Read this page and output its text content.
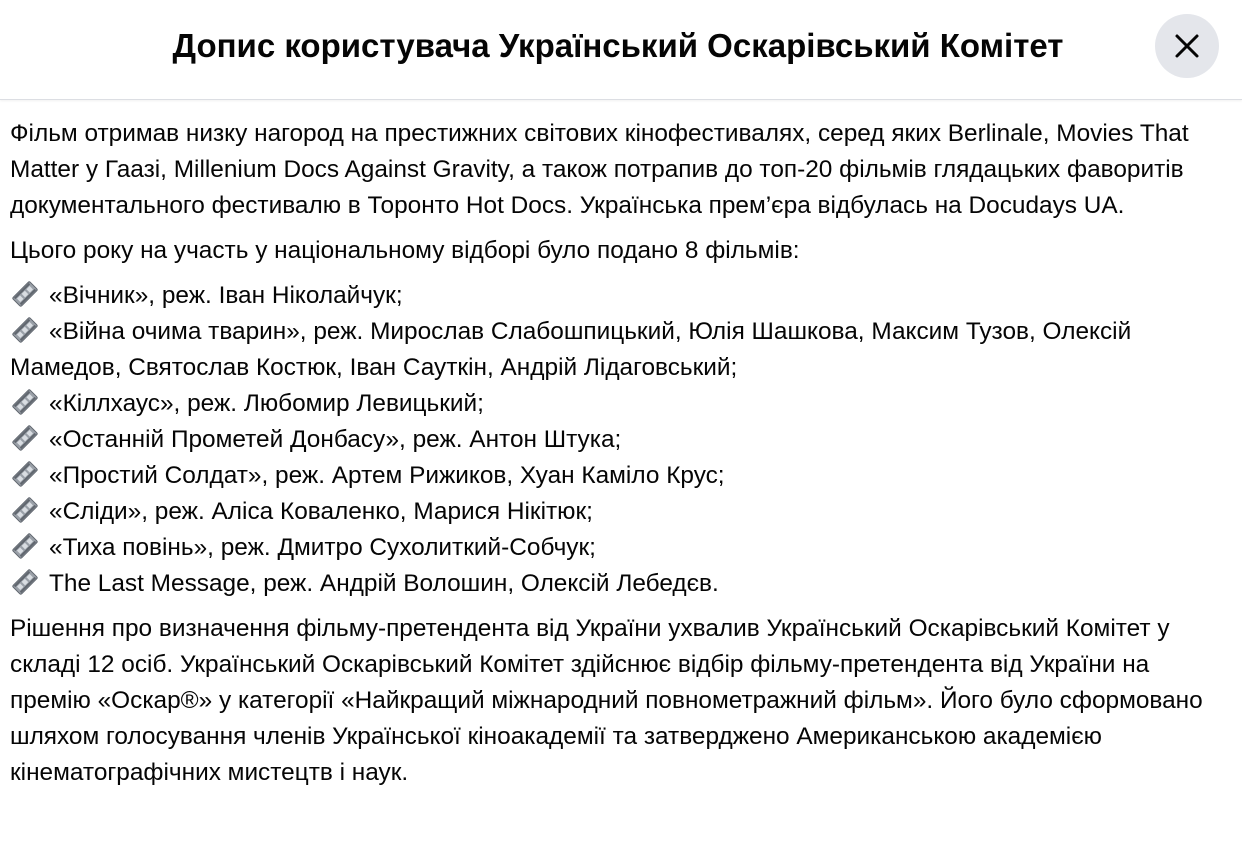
Допис користувача Український Оскарівський Комітет

Фільм отримав низку нагород на престижних світових кінофестивалях, серед яких Berlinale, Movies That Matter у Гаазі, Millenium Docs Against Gravity, а також потрапив до топ-20 фільмів глядацьких фаворитів документального фестивалю в Торонто Hot Docs. Українська прем’єра відбулась на Docudays UA.

Цього року на участь у національному відборі було подано 8 фільмів:

«Вічник», реж. Іван Ніколайчук;
«Війна очима тварин», реж. Мирослав Слабошпицький, Юлія Шашкова, Максим Тузов, Олексій Мамедов, Святослав Костюк, Іван Сауткін, Андрій Лідаговський;
«Кіллхаус», реж. Любомир Левицький;
«Останній Прометей Донбасу», реж. Антон Штука;
«Простий Солдат», реж. Артем Рижиков, Хуан Каміло Крус;
«Сліди», реж. Аліса Коваленко, Марися Нікітюк;
«Тиха повінь», реж. Дмитро Сухолиткий-Собчук;
The Last Message, реж. Андрій Волошин, Олексій Лебедєв.

Рішення про визначення фільму-претендента від України ухвалив Український Оскарівський Комітет у складі 12 осіб. Український Оскарівський Комітет здійснює відбір фільму-претендента від України на премію «Оскар®» у категорії «Найкращий міжнародний повнометражний фільм». Його було сформовано шляхом голосування членів Української кіноакадемії та затверджено Американською академією кінематографічних мистецтв і наук.
